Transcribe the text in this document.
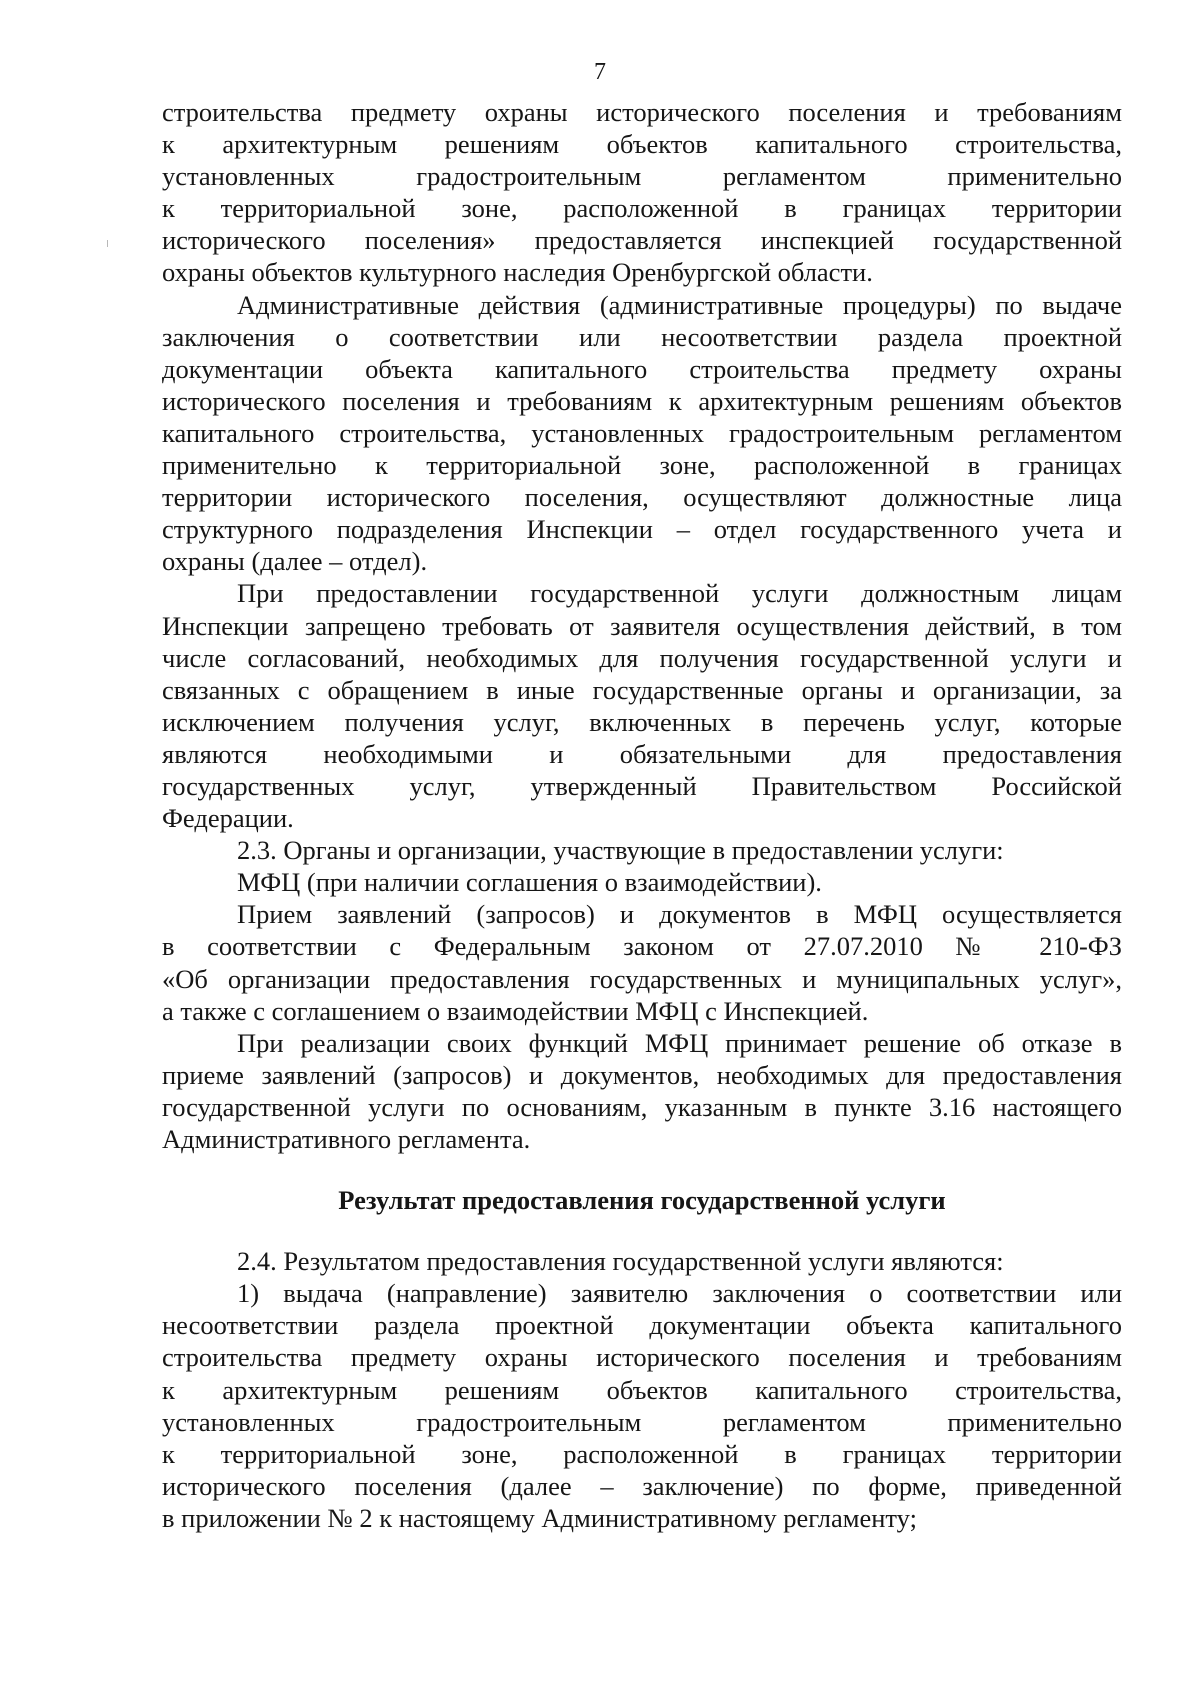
7

строительства предмету охраны исторического поселения и требованиям

к архитектурным решениям объектов капитального строительства,

установленных градостроительным регламентом применительно

к территориальной зоне, расположенной в границах территории

исторического поселения» предоставляется инспекцией государственной

охраны объектов культурного наследия Оренбургской области.

Административные действия (административные процедуры) по выдаче

заключения о соответствии или несоответствии раздела проектной

документации объекта капитального строительства предмету охраны

исторического поселения и требованиям к архитектурным решениям объектов

капитального строительства, установленных градостроительным регламентом

применительно к территориальной зоне, расположенной в границах

территории исторического поселения, осуществляют должностные лица

структурного подразделения Инспекции – отдел государственного учета и

охраны (далее – отдел).

При предоставлении государственной услуги должностным лицам

Инспекции запрещено требовать от заявителя осуществления действий, в том

числе согласований, необходимых для получения государственной услуги и

связанных с обращением в иные государственные органы и организации, за

исключением получения услуг, включенных в перечень услуг, которые

являются необходимыми и обязательными для предоставления

государственных услуг, утвержденный Правительством Российской

Федерации.

2.3. Органы и организации, участвующие в предоставлении услуги:

МФЦ (при наличии соглашения о взаимодействии).

Прием заявлений (запросов) и документов в МФЦ осуществляется

в соответствии с Федеральным законом от 27.07.2010 № 210-ФЗ

«Об организации предоставления государственных и муниципальных услуг»,

а также с соглашением о взаимодействии МФЦ с Инспекцией.

При реализации своих функций МФЦ принимает решение об отказе в

приеме заявлений (запросов) и документов, необходимых для предоставления

государственной услуги по основаниям, указанным в пункте 3.16 настоящего

Административного регламента.

Результат предоставления государственной услуги

2.4. Результатом предоставления государственной услуги являются:

1) выдача (направление) заявителю заключения о соответствии или

несоответствии раздела проектной документации объекта капитального

строительства предмету охраны исторического поселения и требованиям

к архитектурным решениям объектов капитального строительства,

установленных градостроительным регламентом применительно

к территориальной зоне, расположенной в границах территории

исторического поселения (далее – заключение) по форме, приведенной

в приложении № 2 к настоящему Административному регламенту;
